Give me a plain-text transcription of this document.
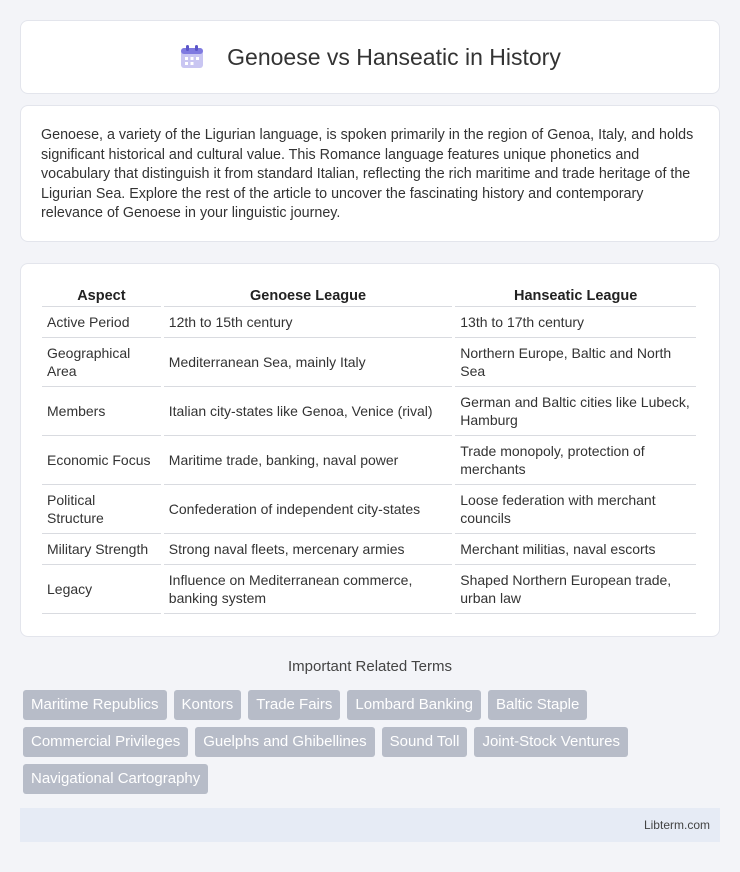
Genoese vs Hanseatic in History

Genoese, a variety of the Ligurian language, is spoken primarily in the region of Genoa, Italy, and holds significant historical and cultural value. This Romance language features unique phonetics and vocabulary that distinguish it from standard Italian, reflecting the rich maritime and trade heritage of the Ligurian Sea. Explore the rest of the article to uncover the fascinating history and contemporary relevance of Genoese in your linguistic journey.

Aspect	Genoese League	Hanseatic League
Active Period	12th to 15th century	13th to 17th century
Geographical Area	Mediterranean Sea, mainly Italy	Northern Europe, Baltic and North Sea
Members	Italian city-states like Genoa, Venice (rival)	German and Baltic cities like Lubeck, Hamburg
Economic Focus	Maritime trade, banking, naval power	Trade monopoly, protection of merchants
Political Structure	Confederation of independent city-states	Loose federation with merchant councils
Military Strength	Strong naval fleets, mercenary armies	Merchant militias, naval escorts
Legacy	Influence on Mediterranean commerce, banking system	Shaped Northern European trade, urban law
Important Related Terms
Maritime Republics	Kontors	Trade Fairs	Lombard Banking	Baltic Staple
Commercial Privileges	Guelphs and Ghibellines	Sound Toll	Joint-Stock Ventures
Navigational Cartography
Libterm.com
